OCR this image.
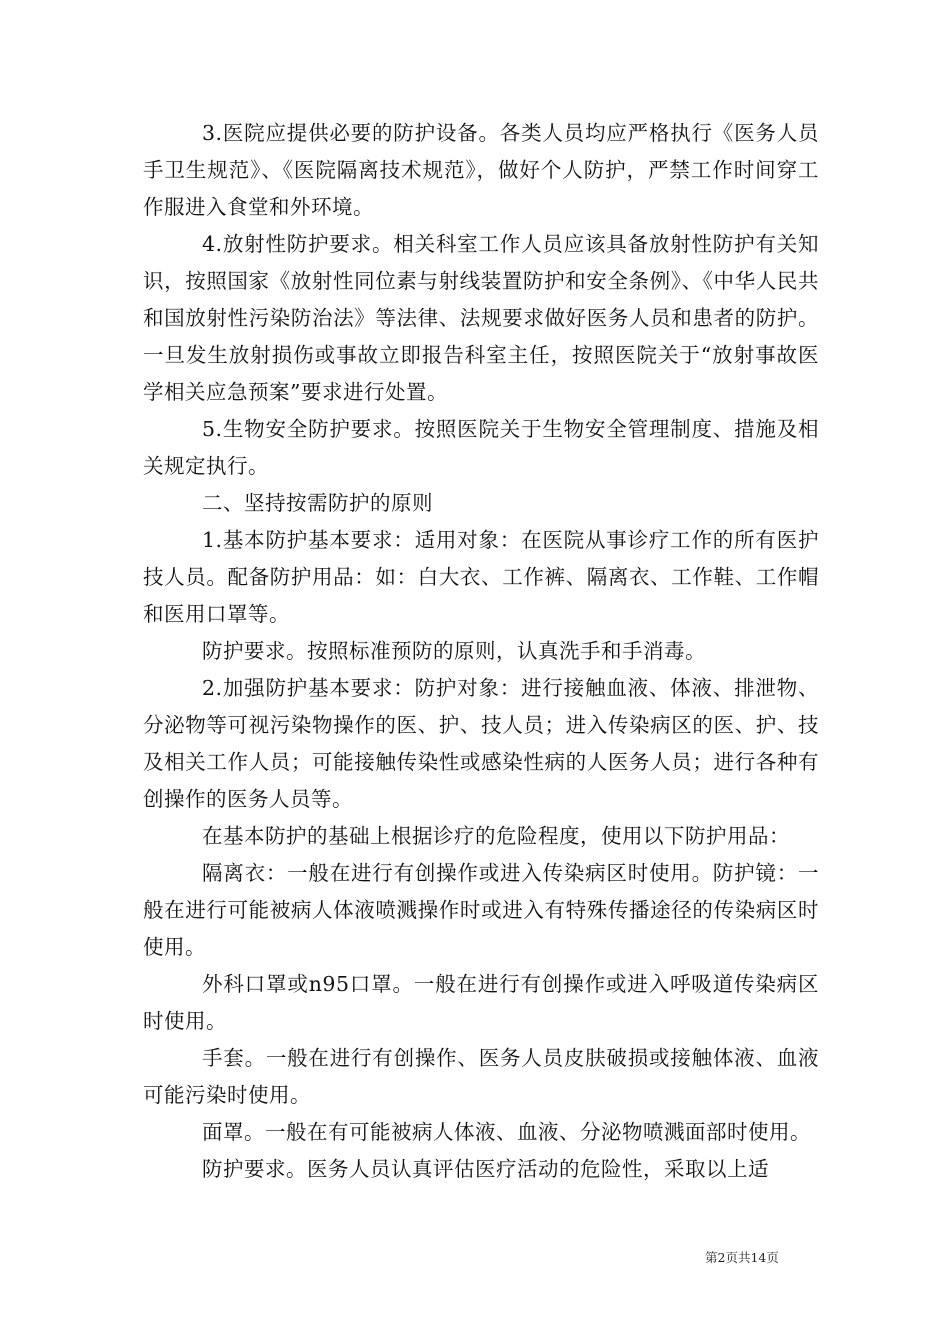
3.医院应提供必要的防护设备。各类人员均应严格执行《医务人员手卫生规范》、《医院隔离技术规范》，做好个人防护，严禁工作时间穿工作服进入食堂和外环境。

4.放射性防护要求。相关科室工作人员应该具备放射性防护有关知识，按照国家《放射性同位素与射线装置防护和安全条例》、《中华人民共和国放射性污染防治法》等法律、法规要求做好医务人员和患者的防护。一旦发生放射损伤或事故立即报告科室主任，按照医院关于“放射事故医学相关应急预案”要求进行处置。

5.生物安全防护要求。按照医院关于生物安全管理制度、措施及相关规定执行。

二、坚持按需防护的原则

1.基本防护基本要求：适用对象：在医院从事诊疗工作的所有医护技人员。配备防护用品：如：白大衣、工作裤、隔离衣、工作鞋、工作帽和医用口罩等。

防护要求。按照标准预防的原则，认真洗手和手消毒。

2.加强防护基本要求：防护对象：进行接触血液、体液、排泄物、分泌物等可视污染物操作的医、护、技人员；进入传染病区的医、护、技及相关工作人员；可能接触传染性或感染性病的人医务人员；进行各种有创操作的医务人员等。

在基本防护的基础上根据诊疗的危险程度，使用以下防护用品：

隔离衣：一般在进行有创操作或进入传染病区时使用。防护镜：一般在进行可能被病人体液喷溅操作时或进入有特殊传播途径的传染病区时使用。

外科口罩或n95口罩。一般在进行有创操作或进入呼吸道传染病区时使用。

手套。一般在进行有创操作、医务人员皮肤破损或接触体液、血液可能污染时使用。

面罩。一般在有可能被病人体液、血液、分泌物喷溅面部时使用。

防护要求。医务人员认真评估医疗活动的危险性，采取以上适

第2页共14页
